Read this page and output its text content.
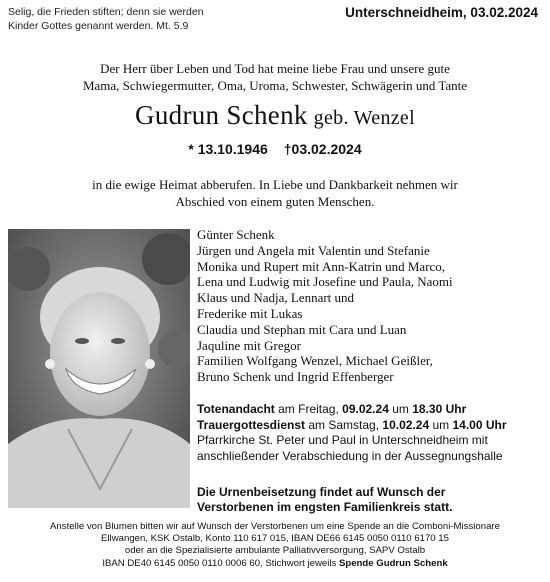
Selig, die Frieden stiften; denn sie werden
Kinder Gottes genannt werden. Mt. 5.9
Unterschneidheim, 03.02.2024
Der Herr über Leben und Tod hat meine liebe Frau und unsere gute
Mama, Schwiegermutter, Oma, Uroma, Schwester, Schwägerin und Tante
Gudrun Schenk geb. Wenzel
* 13.10.1946 †03.02.2024
in die ewige Heimat abberufen. In Liebe und Dankbarkeit nehmen wir
Abschied von einem guten Menschen.
Günter Schenk
Jürgen und Angela mit Valentin und Stefanie
Monika und Rupert mit Ann-Katrin und Marco,
Lena und Ludwig mit Josefine und Paula, Naomi
Klaus und Nadja, Lennart und
Frederike mit Lukas
Claudia und Stephan mit Cara und Luan
Jaquline mit Gregor
Familien Wolfgang Wenzel, Michael Geißler,
Bruno Schenk und Ingrid Effenberger
Totenandacht am Freitag, 09.02.24 um 18.30 Uhr
Trauergottesdienst am Samstag, 10.02.24 um 14.00 Uhr
Pfarrkirche St. Peter und Paul in Unterschneidheim mit
anschließender Verabschiedung in der Aussegnungshalle
Die Urnenbeisetzung findet auf Wunsch der
Verstorbenen im engsten Familienkreis statt.
Anstelle von Blumen bitten wir auf Wunsch der Verstorbenen um eine Spende an die Comboni-Missionare
Ellwangen, KSK Ostalb, Konto 110 617 015, IBAN DE66 6145 0050 0110 6170 15
oder an die Spezialisierte ambulante Palliativversorgung, SAPV Ostalb
IBAN DE40 6145 0050 0110 0006 60, Stichwort jeweils Spende Gudrun Schenk
